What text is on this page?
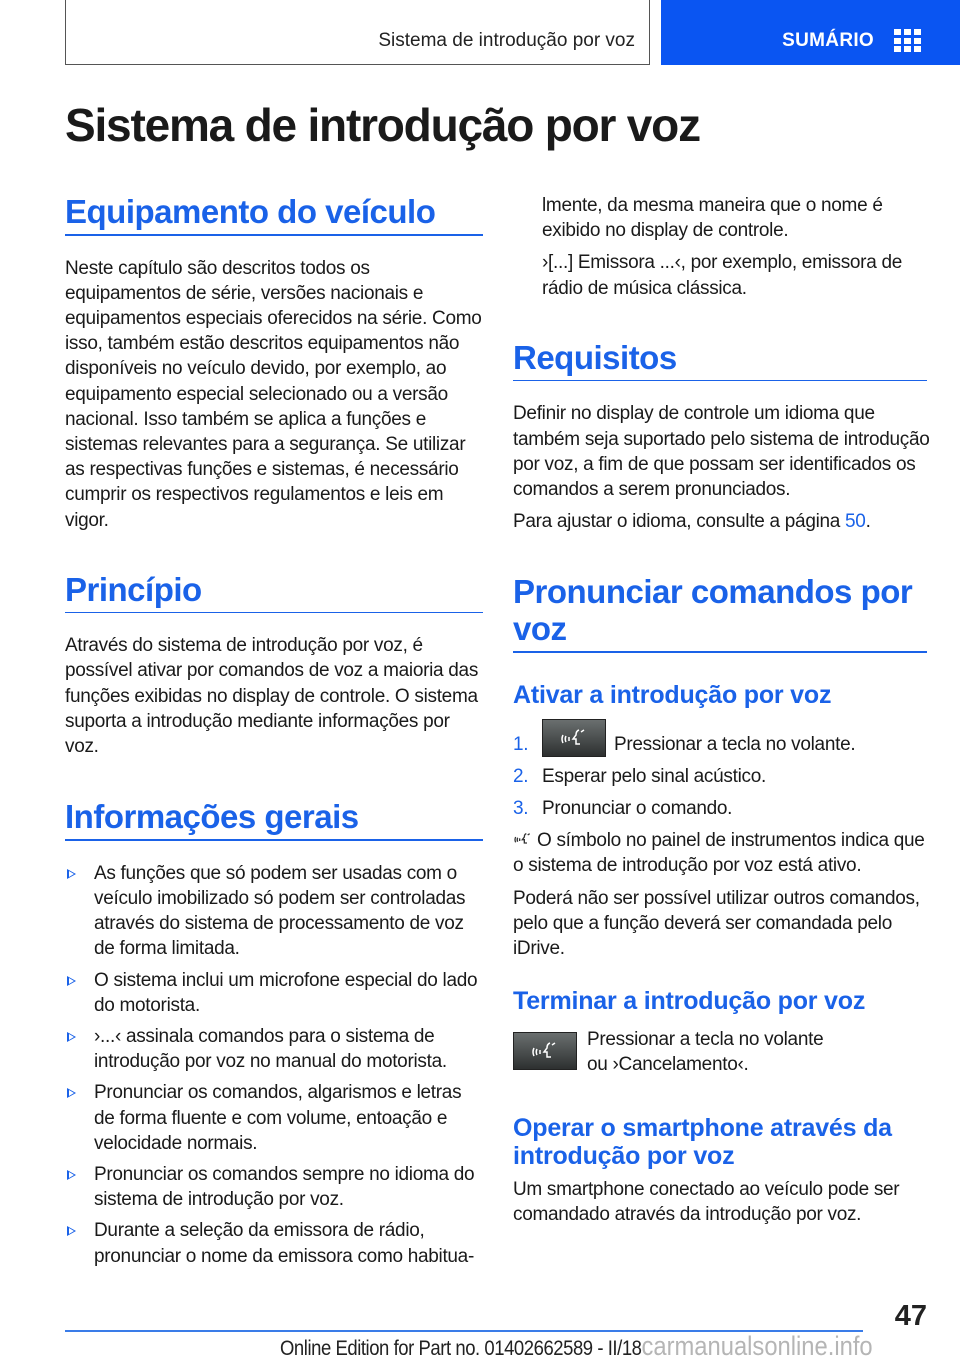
Sistema de introdução por voz	SUMÁRIO
Sistema de introdução por voz
Equipamento do veículo

Neste capítulo são descritos todos os equipamentos de série, versões nacionais e equipamentos especiais oferecidos na série. Como isso, também estão descritos equipamentos não disponíveis no veículo devido, por exemplo, ao equipamento especial selecionado ou a versão nacional. Isso também se aplica a funções e sistemas relevantes para a segurança. Se utilizar as respectivas funções e sistemas, é necessário cumprir os respectivos regulamentos e leis em vigor.

Princípio

Através do sistema de introdução por voz, é possível ativar por comandos de voz a maioria das funções exibidas no display de controle. O sistema suporta a introdução mediante informações por voz.

Informações gerais
As funções que só podem ser usadas com o veículo imobilizado só podem ser controladas através do sistema de processamento de voz de forma limitada.
O sistema inclui um microfone especial do lado do motorista.
›...‹ assinala comandos para o sistema de introdução por voz no manual do motorista.
Pronunciar os comandos, algarismos e letras de forma fluente e com volume, entoação e velocidade normais.
Pronunciar os comandos sempre no idioma do sistema de introdução por voz.
Durante a seleção da emissora de rádio, pronunciar o nome da emissora como habitua-

lmente, da mesma maneira que o nome é exibido no display de controle.

›[...] Emissora ...‹, por exemplo, emissora de rádio de música clássica.

Requisitos

Definir no display de controle um idioma que também seja suportado pelo sistema de introdução por voz, a fim de que possam ser identificados os comandos a serem pronunciados.

Para ajustar o idioma, consulte a página 50.

Pronunciar comandos por voz
Ativar a introdução por voz
1.	Pressionar a tecla no volante.
2. Esperar pelo sinal acústico.
3. Pronunciar o comando.

O símbolo no painel de instrumentos indica que o sistema de introdução por voz está ativo.

Poderá não ser possível utilizar outros comandos, pelo que a função deverá ser comandada pelo iDrive.

Terminar a introdução por voz

Pressionar a tecla no volante ou ›Cancelamento‹.

Operar o smartphone através da introdução por voz

Um smartphone conectado ao veículo pode ser comandado através da introdução por voz.

47
Online Edition for Part no. 01402662589 - II/18carmanualsonline.info
